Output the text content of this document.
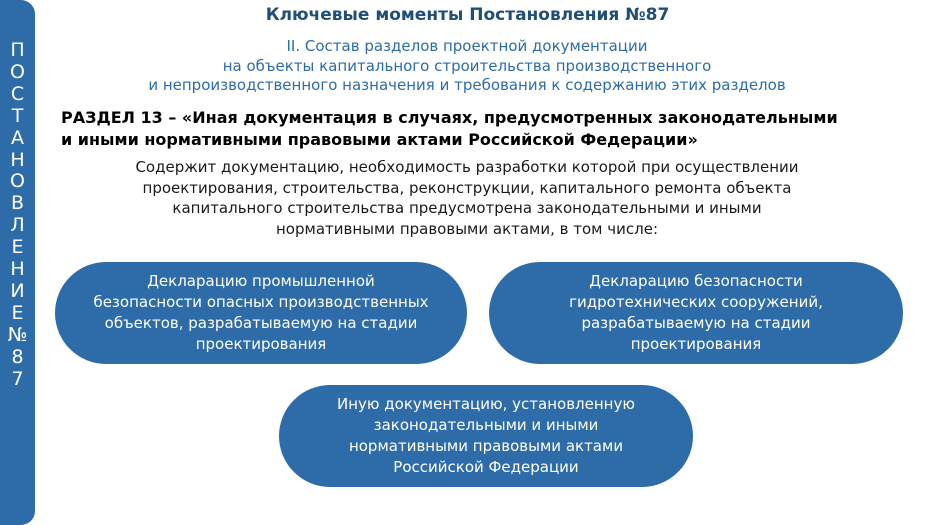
П
О
С
Т
А
Н
О
В
Л
Е
Н
И
Е
№
8
7
Ключевые моменты Постановления №87
II. Состав разделов проектной документации
на объекты капитального строительства производственного
и непроизводственного назначения и требования к содержанию этих разделов
РАЗДЕЛ 13 – «Иная документация в случаях, предусмотренных законодательными
и иными нормативными правовыми актами Российской Федерации»
Содержит документацию, необходимость разработки которой при осуществлении
проектирования, строительства, реконструкции, капитального ремонта объекта
капитального строительства предусмотрена законодательными и иными
нормативными правовыми актами, в том числе:
Декларацию промышленной
безопасности опасных производственных
объектов, разрабатываемую на стадии
проектирования
Декларацию безопасности
гидротехнических сооружений,
разрабатываемую на стадии
проектирования
Иную документацию, установленную
законодательными и иными
нормативными правовыми актами
Российской Федерации
